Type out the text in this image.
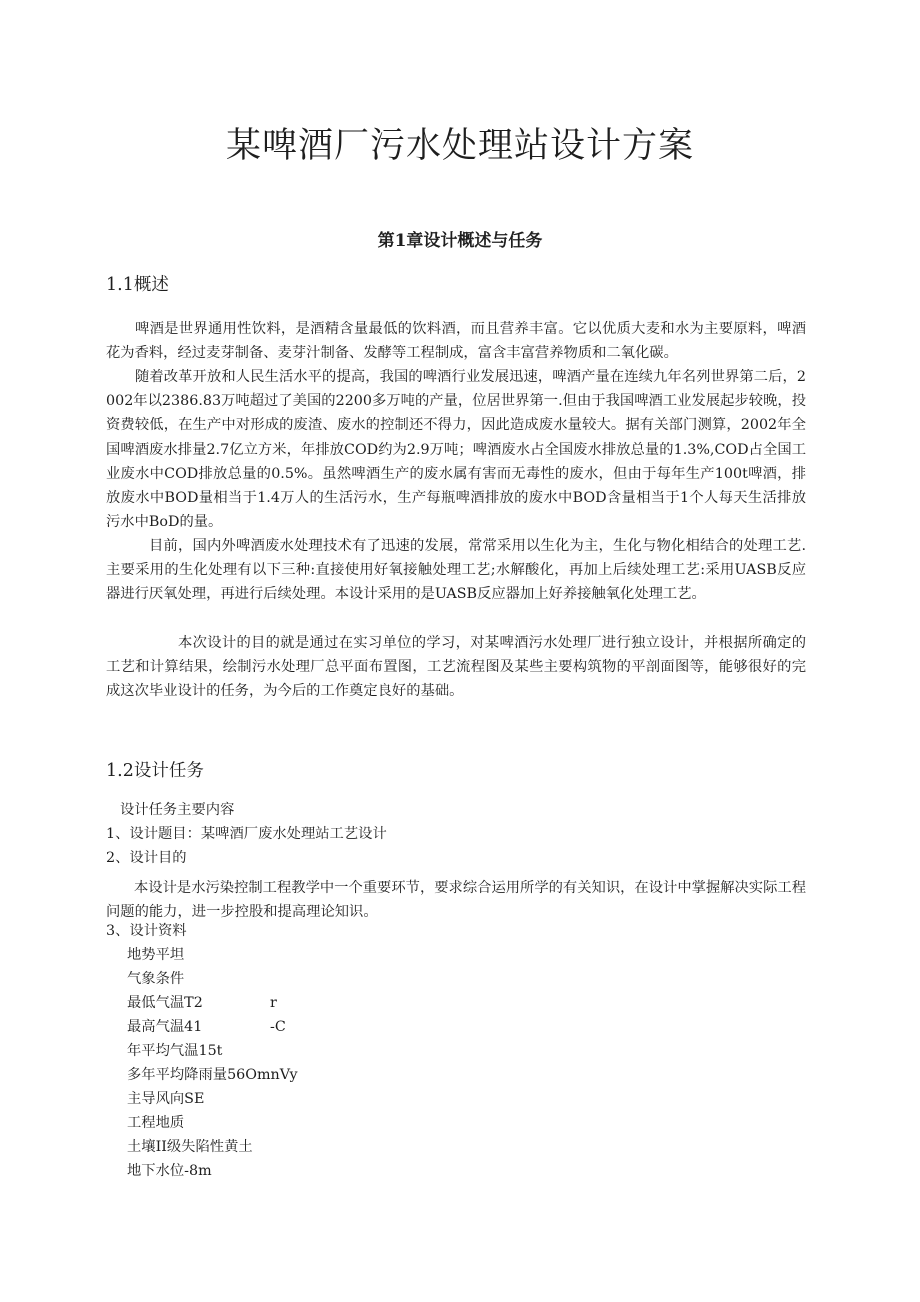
某啤酒厂污水处理站设计方案
第1章设计概述与任务
1.1概述

啤酒是世界通用性饮料，是酒精含量最低的饮料酒，而且营养丰富。它以优质大麦和水为主要原料，啤酒花为香料，经过麦芽制备、麦芽汁制备、发酵等工程制成，富含丰富营养物质和二氧化碳。

随着改革开放和人民生活水平的提高，我国的啤酒行业发展迅速，啤酒产量在连续九年名列世界第二后，2002年以2386.83万吨超过了美国的2200多万吨的产量，位居世界第一.但由于我国啤酒工业发展起步较晚，投资费较低，在生产中对形成的废渣、废水的控制还不得力，因此造成废水量较大。据有关部门测算，2002年全国啤酒废水排量2.7亿立方米，年排放COD约为2.9万吨；啤酒废水占全国废水排放总量的1.3%,COD占全国工业废水中COD排放总量的0.5%。虽然啤酒生产的废水属有害而无毒性的废水，但由于每年生产100t啤酒，排放废水中BOD量相当于1.4万人的生活污水，生产每瓶啤酒排放的废水中BOD含量相当于1个人每天生活排放污水中BoD的量。

目前，国内外啤酒废水处理技术有了迅速的发展，常常采用以生化为主，生化与物化相结合的处理工艺.主要采用的生化处理有以下三种:直接使用好氧接触处理工艺;水解酸化，再加上后续处理工艺:采用UASB反应器进行厌氧处理，再进行后续处理。本设计采用的是UASB反应器加上好养接触氧化处理工艺。

本次设计的目的就是通过在实习单位的学习，对某啤酒污水处理厂进行独立设计，并根据所确定的工艺和计算结果，绘制污水处理厂总平面布置图，工艺流程图及某些主要构筑物的平剖面图等，能够很好的完成这次毕业设计的任务，为今后的工作奠定良好的基础。

1.2设计任务

设计任务主要内容

1、设计题目：某啤酒厂废水处理站工艺设计

2、设计目的

本设计是水污染控制工程教学中一个重要环节，要求综合运用所学的有关知识，在设计中掌握解决实际工程问题的能力，进一步控股和提高理论知识。

3、设计资料

地势平坦

气象条件

最低气温T2	r

最高气温41	-C

年平均气温15t

多年平均降雨量56OmnVy

主导风向SE

工程地质

土壤II级失陷性黄土

地下水位-8m
